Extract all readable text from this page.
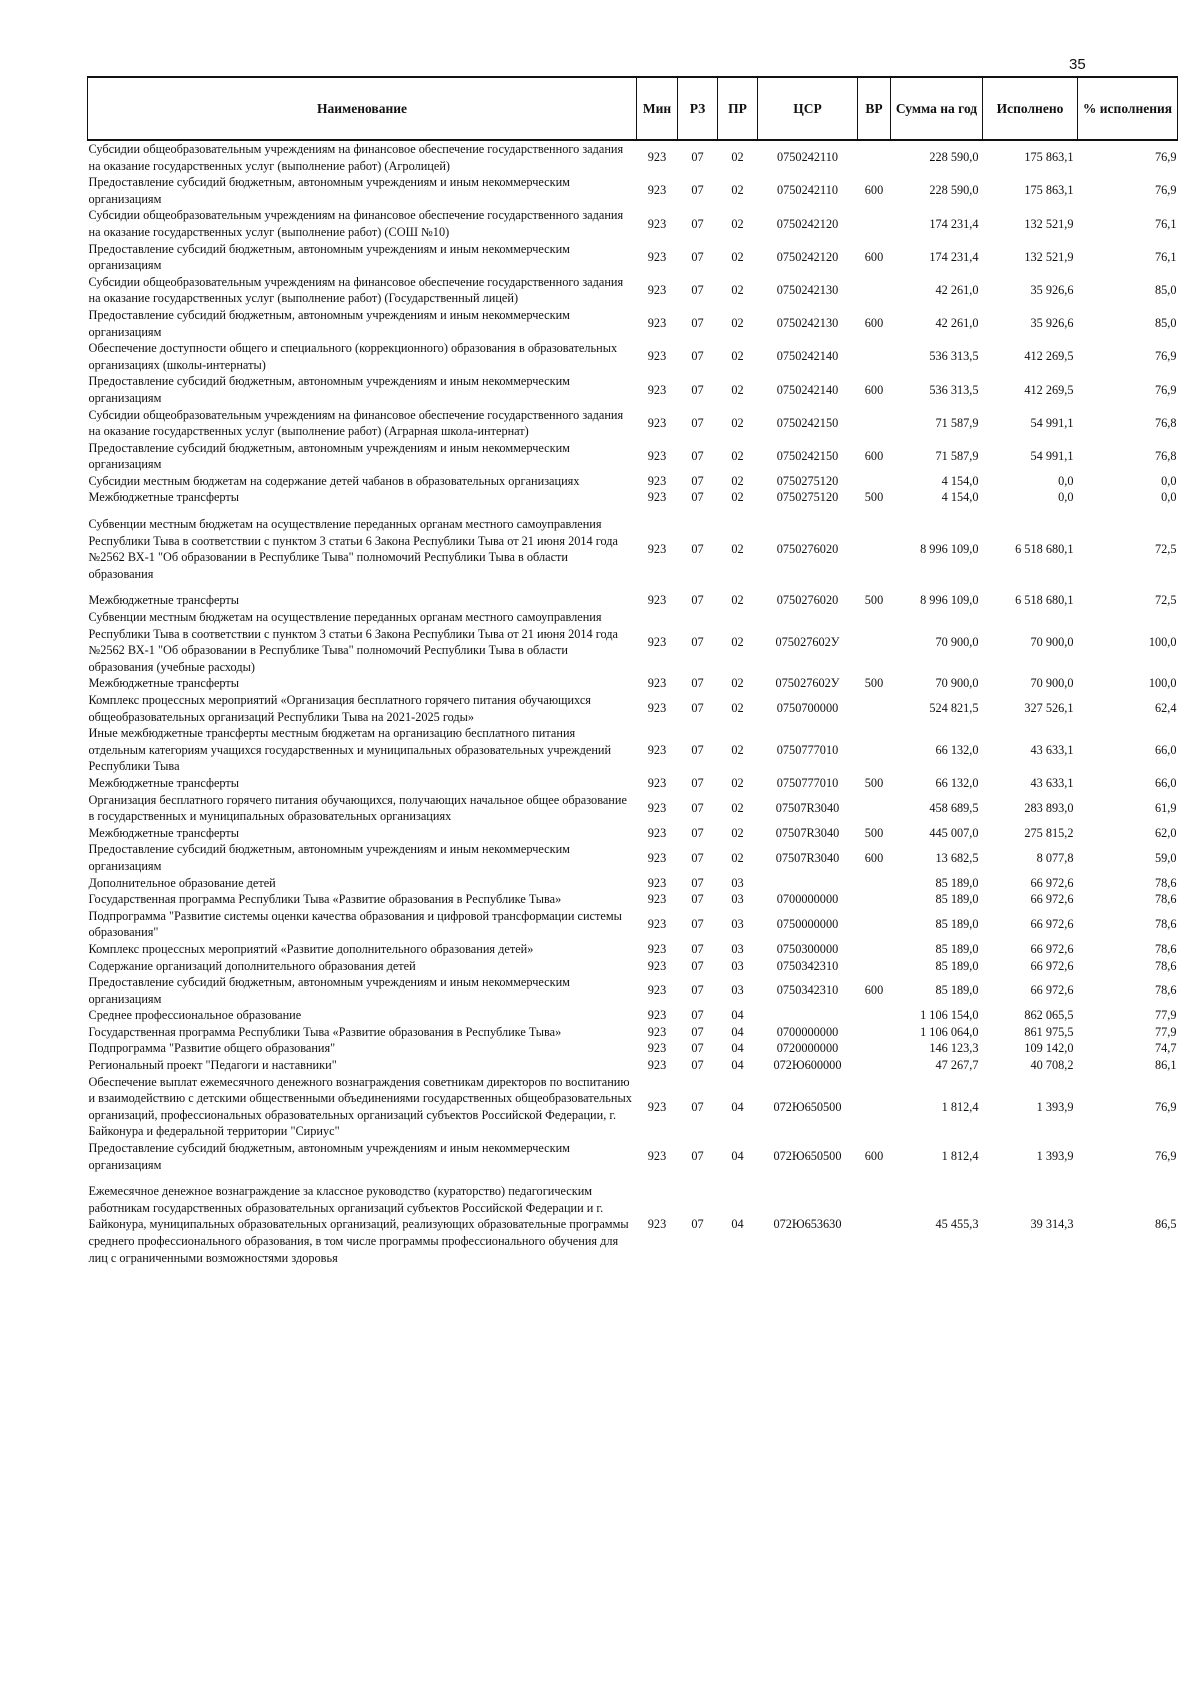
35
Наименование	Мин	РЗ	ПР	ЦСР	ВР	Сумма на год	Исполнено	% исполнения
Субсидии общеобразовательным учреждениям на финансовое обеспечение государственного задания на оказание государственных услуг (выполнение работ) (Агролицей)	923	07	02	0750242110		228 590,0	175 863,1	76,9
Предоставление субсидий бюджетным, автономным учреждениям и иным некоммерческим организациям	923	07	02	0750242110	600	228 590,0	175 863,1	76,9
Субсидии общеобразовательным учреждениям на финансовое обеспечение государственного задания на оказание государственных услуг (выполнение работ) (СОШ №10)	923	07	02	0750242120		174 231,4	132 521,9	76,1
Предоставление субсидий бюджетным, автономным учреждениям и иным некоммерческим организациям	923	07	02	0750242120	600	174 231,4	132 521,9	76,1
Субсидии общеобразовательным учреждениям на финансовое обеспечение государственного задания на оказание государственных услуг (выполнение работ) (Государственный лицей)	923	07	02	0750242130		42 261,0	35 926,6	85,0
Предоставление субсидий бюджетным, автономным учреждениям и иным некоммерческим организациям	923	07	02	0750242130	600	42 261,0	35 926,6	85,0
Обеспечение доступности общего и специального (коррекционного) образования в образовательных организациях (школы-интернаты)	923	07	02	0750242140		536 313,5	412 269,5	76,9
Предоставление субсидий бюджетным, автономным учреждениям и иным некоммерческим организациям	923	07	02	0750242140	600	536 313,5	412 269,5	76,9
Субсидии общеобразовательным учреждениям на финансовое обеспечение государственного задания на оказание государственных услуг (выполнение работ) (Аграрная школа-интернат)	923	07	02	0750242150		71 587,9	54 991,1	76,8
Предоставление субсидий бюджетным, автономным учреждениям и иным некоммерческим организациям	923	07	02	0750242150	600	71 587,9	54 991,1	76,8
Субсидии местным бюджетам на содержание детей чабанов в образовательных организациях	923	07	02	0750275120		4 154,0	0,0	0,0
Межбюджетные трансферты	923	07	02	0750275120	500	4 154,0	0,0	0,0

Субвенции местным бюджетам на осуществление переданных органам местного самоуправления Республики Тыва в соответствии с пунктом 3 статьи 6 Закона Республики Тыва от 21 июня 2014 года №2562 ВХ-1 "Об образовании в Республике Тыва" полномочий Республики Тыва в области образования	923	07	02	0750276020		8 996 109,0	6 518 680,1	72,5

Межбюджетные трансферты	923	07	02	0750276020	500	8 996 109,0	6 518 680,1	72,5
Субвенции местным бюджетам на осуществление переданных органам местного самоуправления Республики Тыва в соответствии с пунктом 3 статьи 6 Закона Республики Тыва от 21 июня 2014 года №2562 ВХ-1 "Об образовании в Республике Тыва" полномочий Республики Тыва в области образования (учебные расходы)	923	07	02	075027602У		70 900,0	70 900,0	100,0
Межбюджетные трансферты	923	07	02	075027602У	500	70 900,0	70 900,0	100,0
Комплекс процессных мероприятий «Организация бесплатного горячего питания обучающихся общеобразовательных организаций Республики Тыва на 2021-2025 годы»	923	07	02	0750700000		524 821,5	327 526,1	62,4
Иные межбюджетные трансферты местным бюджетам на организацию бесплатного питания отдельным категориям учащихся государственных и муниципальных образовательных учреждений Республики Тыва	923	07	02	0750777010		66 132,0	43 633,1	66,0
Межбюджетные трансферты	923	07	02	0750777010	500	66 132,0	43 633,1	66,0
Организация бесплатного горячего питания обучающихся, получающих начальное общее образование в государственных и муниципальных образовательных организациях	923	07	02	07507R3040		458 689,5	283 893,0	61,9
Межбюджетные трансферты	923	07	02	07507R3040	500	445 007,0	275 815,2	62,0
Предоставление субсидий бюджетным, автономным учреждениям и иным некоммерческим организациям	923	07	02	07507R3040	600	13 682,5	8 077,8	59,0
Дополнительное образование детей	923	07	03			85 189,0	66 972,6	78,6
Государственная программа Республики Тыва «Развитие образования в Республике Тыва»	923	07	03	0700000000		85 189,0	66 972,6	78,6
Подпрограмма "Развитие системы оценки качества образования и цифровой трансформации системы образования"	923	07	03	0750000000		85 189,0	66 972,6	78,6
Комплекс процессных мероприятий «Развитие дополнительного образования детей»	923	07	03	0750300000		85 189,0	66 972,6	78,6
Содержание организаций дополнительного образования детей	923	07	03	0750342310		85 189,0	66 972,6	78,6
Предоставление субсидий бюджетным, автономным учреждениям и иным некоммерческим организациям	923	07	03	0750342310	600	85 189,0	66 972,6	78,6
Среднее профессиональное образование	923	07	04			1 106 154,0	862 065,5	77,9
Государственная программа Республики Тыва «Развитие образования в Республике Тыва»	923	07	04	0700000000		1 106 064,0	861 975,5	77,9
Подпрограмма "Развитие общего образования"	923	07	04	0720000000		146 123,3	109 142,0	74,7
Региональный проект "Педагоги и наставники"	923	07	04	072Ю600000		47 267,7	40 708,2	86,1
Обеспечение выплат ежемесячного денежного вознаграждения советникам директоров по воспитанию и взаимодействию с детскими общественными объединениями государственных общеобразовательных организаций, профессиональных образовательных организаций субъектов Российской Федерации, г. Байконура и федеральной территории "Сириус"	923	07	04	072Ю650500		1 812,4	1 393,9	76,9
Предоставление субсидий бюджетным, автономным учреждениям и иным некоммерческим организациям	923	07	04	072Ю650500	600	1 812,4	1 393,9	76,9

Ежемесячное денежное вознаграждение за классное руководство (кураторство) педагогическим работникам государственных образовательных организаций субъектов Российской Федерации и г. Байконура, муниципальных образовательных организаций, реализующих образовательные программы среднего профессионального образования, в том числе программы профессионального обучения для лиц с ограниченными возможностями здоровья	923	07	04	072Ю653630		45 455,3	39 314,3	86,5
